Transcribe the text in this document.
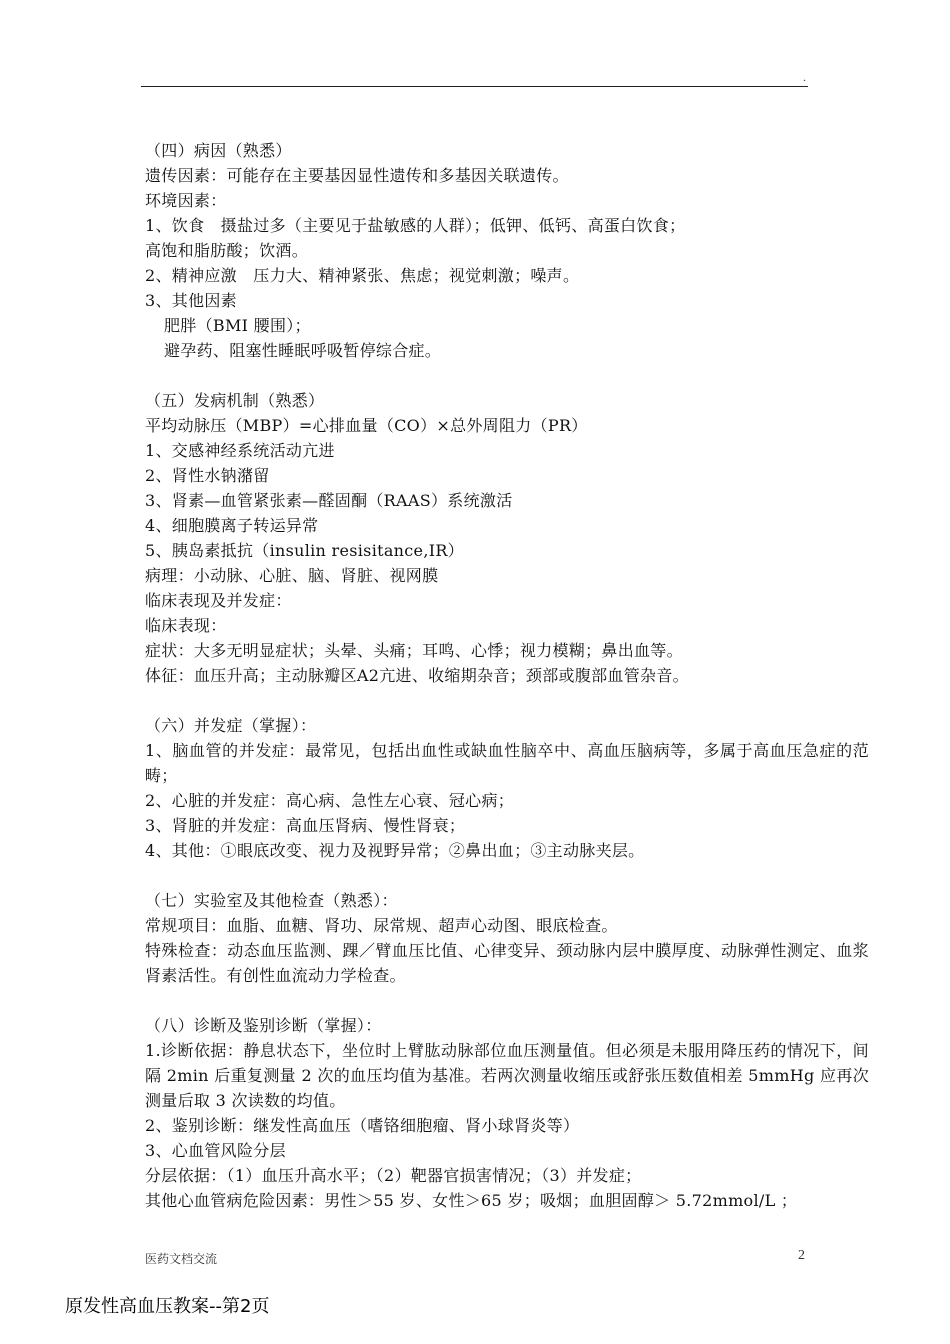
.

（四）病因（熟悉）

遗传因素：可能存在主要基因显性遗传和多基因关联遗传。

环境因素：

1、饮食　摄盐过多（主要见于盐敏感的人群）；低钾、低钙、高蛋白饮食；

高饱和脂肪酸；饮酒。

2、精神应激　压力大、精神紧张、焦虑；视觉刺激；噪声。

3、其他因素

肥胖（BMI 腰围）；

避孕药、阻塞性睡眠呼吸暂停综合症。

（五）发病机制（熟悉）

平均动脉压（MBP）=心排血量（CO）×总外周阻力（PR）

1、交感神经系统活动亢进

2、肾性水钠潴留

3、肾素—血管紧张素—醛固酮（RAAS）系统激活

4、细胞膜离子转运异常

5、胰岛素抵抗（insulin resisitance,IR）

病理：小动脉、心脏、脑、肾脏、视网膜

临床表现及并发症：

临床表现：

症状：大多无明显症状；头晕、头痛；耳鸣、心悸；视力模糊；鼻出血等。

体征：血压升高；主动脉瓣区A2亢进、收缩期杂音；颈部或腹部血管杂音。

（六）并发症（掌握）：

1、脑血管的并发症：最常见，包括出血性或缺血性脑卒中、高血压脑病等，多属于高血压急症的范畴；

2、心脏的并发症：高心病、急性左心衰、冠心病；

3、肾脏的并发症：高血压肾病、慢性肾衰；

4、其他：①眼底改变、视力及视野异常；②鼻出血；③主动脉夹层。

（七）实验室及其他检查（熟悉）：

常规项目：血脂、血糖、肾功、尿常规、超声心动图、眼底检查。

特殊检查：动态血压监测、踝／臂血压比值、心律变异、颈动脉内层中膜厚度、动脉弹性测定、血浆肾素活性。有创性血流动力学检查。

（八）诊断及鉴别诊断（掌握）：

1.诊断依据：静息状态下，坐位时上臂肱动脉部位血压测量值。但必须是未服用降压药的情况下，间隔 2min 后重复测量 2 次的血压均值为基准。若两次测量收缩压或舒张压数值相差 5mmHg 应再次测量后取 3 次读数的均值。

2、鉴别诊断：继发性高血压（嗜铬细胞瘤、肾小球肾炎等）

3、心血管风险分层

分层依据：（1）血压升高水平；（2）靶器官损害情况；（3）并发症；

其他心血管病危险因素：男性＞55 岁、女性＞65 岁；吸烟；血胆固醇＞ 5.72mmol/L ；

医药文档交流	2
原发性高血压教案--第2页
